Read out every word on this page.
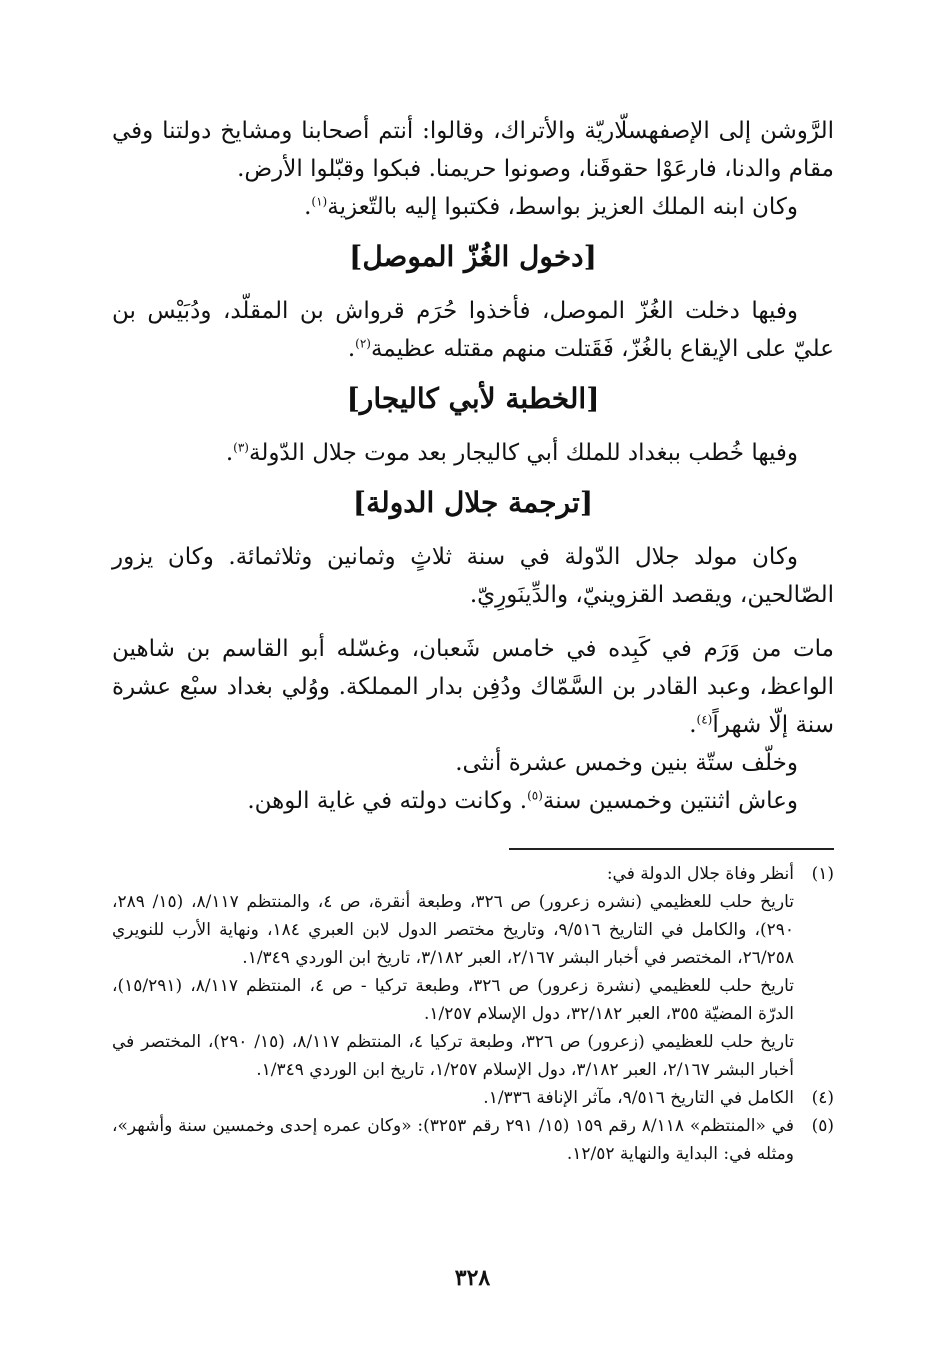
الرَّوشن إلى الإصفهسلّاريّة والأتراك، وقالوا: أنتم أصحابنا ومشايخ دولتنا وفي مقام والدنا، فارعَوْا حقوقَنا، وصونوا حريمنا. فبكوا وقبّلوا الأرض.

وكان ابنه الملك العزيز بواسط، فكتبوا إليه بالتّعزية$^{(١)}$.

[دخول الغُزّ الموصل]

وفيها دخلت الغُزّ الموصل، فأخذوا حُرَم قرواش بن المقلّد، ودُبَيْس بن عليّ على الإيقاع بالغُزّ، فَقَتلت منهم مقتله عظيمة$^{(٢)}$.

[الخطبة لأبي كاليجار]

وفيها خُطب ببغداد للملك أبي كاليجار بعد موت جلال الدّولة$^{(٣)}$.

[ترجمة جلال الدولة]

وكان مولد جلال الدّولة في سنة ثلاثٍ وثمانين وثلاثمائة. وكان يزور الصّالحين، ويقصد القزوينيّ، والدِّينَورِيّ.

مات من وَرَم في كَبِده في خامس شَعبان، وغسّله أبو القاسم بن شاهين الواعظ، وعبد القادر بن السَّمّاك ودُفِن بدار المملكة. ووُلي بغداد سبْع عشرة سنة إلّا شهراً$^{(٤)}$.

وخلّف ستّة بنين وخمس عشرة أنثى.

وعاش اثنتين وخمسين سنة$^{(٥)}$. وكانت دولته في غاية الوهن.

(١)
أنظر وفاة جلال الدولة في:
تاريخ حلب للعظيمي (نشره زعرور) ص ٣٢٦، وطبعة أنقرة، ص ٤، والمنتظم ٨/١١٧، (١٥/ ٢٨٩، ٢٩٠)، والكامل في التاريخ ٩/٥١٦، وتاريخ مختصر الدول لابن العبري ١٨٤، ونهاية الأرب للنويري ٢٦/٢٥٨، المختصر في أخبار البشر ٢/١٦٧، العبر ٣/١٨٢، تاريخ ابن الوردي ١/٣٤٩.
تاريخ حلب للعظيمي (نشرة زعرور) ص ٣٢٦، وطبعة تركيا - ص ٤، المنتظم ٨/١١٧، (١٥/٢٩١)، الدرّة المضيّة ٣٥٥، العبر ٣٢/١٨٢، دول الإسلام ١/٢٥٧.
تاريخ حلب للعظيمي (زعرور) ص ٣٢٦، وطبعة تركيا ٤، المنتظم ٨/١١٧، (١٥/ ٢٩٠)، المختصر في أخبار البشر ٢/١٦٧، العبر ٣/١٨٢، دول الإسلام ١/٢٥٧، تاريخ ابن الوردي ١/٣٤٩.
(٤)
الكامل في التاريخ ٩/٥١٦، مآثر الإنافة ١/٣٣٦.
(٥)
في «المنتظم» ٨/١١٨ رقم ١٥٩ (١٥/ ٢٩١ رقم ٣٢٥٣): «وكان عمره إحدى وخمسين سنة وأشهر»، ومثله في: البداية والنهاية ١٢/٥٢.
٣٢٨
